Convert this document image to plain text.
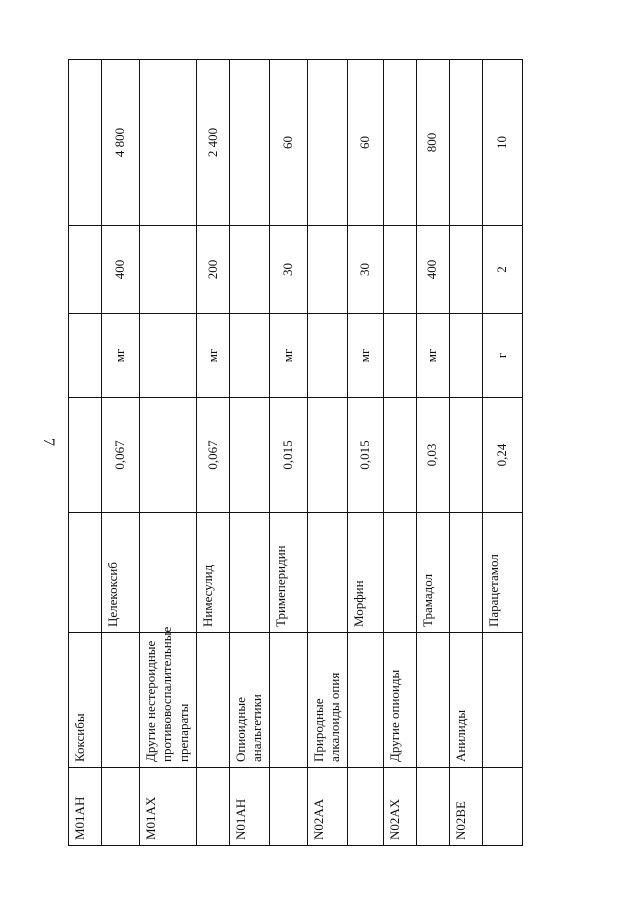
7
M01AH	Коксибы					
		Целекоксиб	0,067	мг	400	4 800
M01AX	Другие нестероидные противовоспалительные препараты					
		Нимесулид	0,067	мг	200	2 400
N01AH	Опиоидные анальгетики					
		Тримеперидин	0,015	мг	30	60
N02AA	Природные алкалоиды опия					
		Морфин	0,015	мг	30	60
N02AX	Другие опиоиды					
		Трамадол	0,03	мг	400	800
N02BE	Анилиды					
		Парацетамол	0,24	г	2	10
